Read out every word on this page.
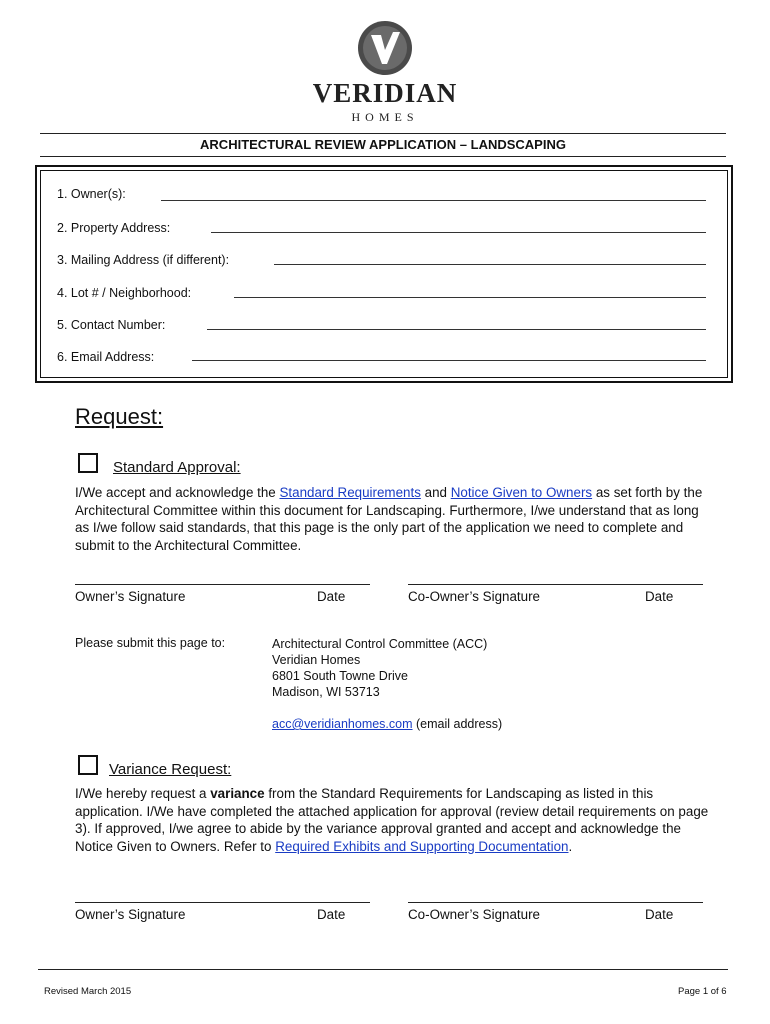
VERIDIAN
HOMES
ARCHITECTURAL REVIEW APPLICATION – LANDSCAPING
1. Owner(s):
2. Property Address:
3. Mailing Address (if different):
4. Lot # / Neighborhood:
5. Contact Number:
6. Email Address:
Request:
Standard Approval:
I/We accept and acknowledge the Standard Requirements and Notice Given to Owners as set forth by the Architectural Committee within this document for Landscaping. Furthermore, I/we understand that as long as I/we follow said standards, that this page is the only part of the application we need to complete and submit to the Architectural Committee.
Owner’s Signature	Date	Co-Owner’s Signature	Date
Please submit this page to:	Architectural Control Committee (ACC)
Veridian Homes
6801 South Towne Drive
Madison, WI 53713
acc@veridianhomes.com (email address)
Variance Request:
I/We hereby request a variance from the Standard Requirements for Landscaping as listed in this application. I/We have completed the attached application for approval (review detail requirements on page 3). If approved, I/we agree to abide by the variance approval granted and accept and acknowledge the Notice Given to Owners. Refer to Required Exhibits and Supporting Documentation.
Owner’s Signature	Date	Co-Owner’s Signature	Date
Revised March 2015	Page 1 of 6
